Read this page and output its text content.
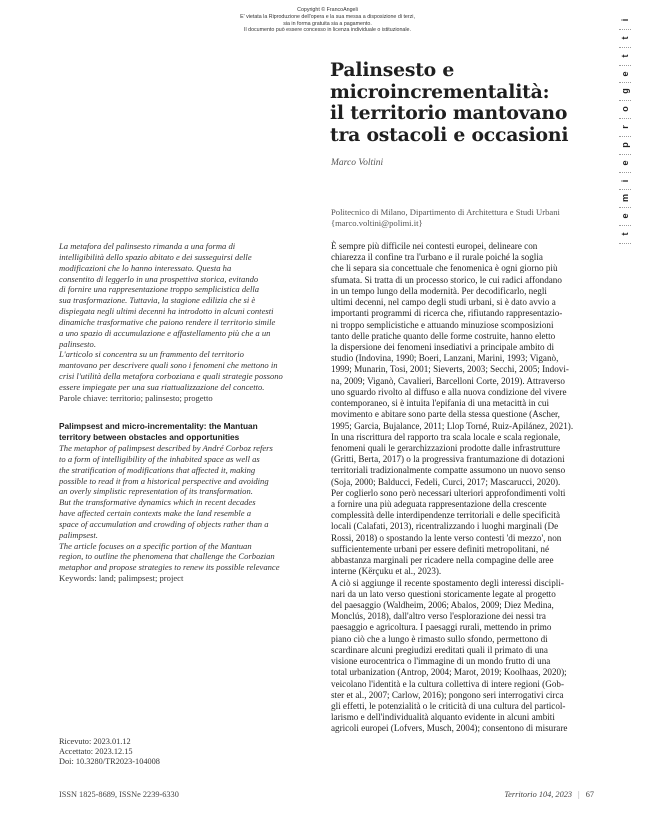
Copyright © FrancoAngeli
E' vietata la Riproduzione dell'opera e la sua messa a disposizione di terzi,
sia in forma gratuita sia a pagamento.
Il documento può essere concesso in licenza individuale o istituzionale.
t
e
m
i
e
p
r
o
g
e
t
t
i
Palinsesto e
microincrementalità:
il territorio mantovano
tra ostacoli e occasioni
Marco Voltini
Politecnico di Milano, Dipartimento di Architettura e Studi Urbani
{marco.voltini@polimi.it}
La metafora del palinsesto rimanda a una forma di
intelligibilità dello spazio abitato e dei susseguirsi delle
modificazioni che lo hanno interessato. Questa ha
consentito di leggerlo in una prospettiva storica, evitando
di fornire una rappresentazione troppo semplicistica della
sua trasformazione. Tuttavia, la stagione edilizia che si è
dispiegata negli ultimi decenni ha introdotto in alcuni contesti
dinamiche trasformative che paiono rendere il territorio simile
a uno spazio di accumulazione e affastellamento più che a un
palinsesto.
L'articolo si concentra su un frammento del territorio
mantovano per descrivere quali sono i fenomeni che mettono in
crisi l'utilità della metafora corboziana e quali strategie possono
essere impiegate per una sua riattualizzazione del concetto.
Parole chiave: territorio; palinsesto; progetto
Palimpsest and micro-incrementality: the Mantuan
territory between obstacles and opportunities
The metaphor of palimpsest described by André Corboz refers
to a form of intelligibility of the inhabited space as well as
the stratification of modifications that affected it, making
possible to read it from a historical perspective and avoiding
an overly simplistic representation of its transformation.
But the transformative dynamics which in recent decades
have affected certain contexts make the land resemble a
space of accumulation and crowding of objects rather than a
palimpsest.
The article focuses on a specific portion of the Mantuan
region, to outline the phenomena that challenge the Corbozian
metaphor and propose strategies to renew its possible relevance
Keywords: land; palimpsest; project
Ricevuto: 2023.01.12
Accettato: 2023.12.15
Doi: 10.3280/TR2023-104008
È sempre più difficile nei contesti europei, delineare con
chiarezza il confine tra l'urbano e il rurale poiché la soglia
che li separa sia concettuale che fenomenica è ogni giorno più
sfumata. Si tratta di un processo storico, le cui radici affondano
in un tempo lungo della modernità. Per decodificarlo, negli
ultimi decenni, nel campo degli studi urbani, si è dato avvio a
importanti programmi di ricerca che, rifiutando rappresentazio-
ni troppo semplicistiche e attuando minuziose scomposizioni
tanto delle pratiche quanto delle forme costruite, hanno eletto
la dispersione dei fenomeni insediativi a principale ambito di
studio (Indovina, 1990; Boeri, Lanzani, Marini, 1993; Viganò,
1999; Munarin, Tosi, 2001; Sieverts, 2003; Secchi, 2005; Indovi-
na, 2009; Viganò, Cavalieri, Barcelloni Corte, 2019). Attraverso
uno sguardo rivolto al diffuso e alla nuova condizione del vivere
contemporaneo, si è intuita l'epifania di una metacittà in cui
movimento e abitare sono parte della stessa questione (Ascher,
1995; Garcia, Bujalance, 2011; Llop Torné, Ruiz-Apilánez, 2021).
In una riscrittura del rapporto tra scala locale e scala regionale,
fenomeni quali le gerarchizzazioni prodotte dalle infrastrutture
(Gritti, Berta, 2017) o la progressiva frantumazione di dotazioni
territoriali tradizionalmente compatte assumono un nuovo senso
(Soja, 2000; Balducci, Fedeli, Curci, 2017; Mascarucci, 2020).
Per coglierlo sono però necessari ulteriori approfondimenti volti
a fornire una più adeguata rappresentazione della crescente
complessità delle interdipendenze territoriali e delle specificità
locali (Calafati, 2013), ricentralizzando i luoghi marginali (De
Rossi, 2018) o spostando la lente verso contesti 'di mezzo', non
sufficientemente urbani per essere definiti metropolitani, né
abbastanza marginali per ricadere nella compagine delle aree
interne (Kërçuku et al., 2023).
A ciò si aggiunge il recente spostamento degli interessi discipli-
nari da un lato verso questioni storicamente legate al progetto
del paesaggio (Waldheim, 2006; Abalos, 2009; Diez Medina,
Monclús, 2018), dall'altro verso l'esplorazione dei nessi tra
paesaggio e agricoltura. I paesaggi rurali, mettendo in primo
piano ciò che a lungo è rimasto sullo sfondo, permettono di
scardinare alcuni pregiudizi ereditati quali il primato di una
visione eurocentrica o l'immagine di un mondo frutto di una
total urbanization (Antrop, 2004; Marot, 2019; Koolhaas, 2020);
veicolano l'identità e la cultura collettiva di intere regioni (Gob-
ster et al., 2007; Carlow, 2016); pongono seri interrogativi circa
gli effetti, le potenzialità o le criticità di una cultura del particol-
larismo e dell'individualità alquanto evidente in alcuni ambiti
agricoli europei (Lofvers, Musch, 2004); consentono di misurare
ISSN 1825-8689, ISSNe 2239-6330	Territorio 104, 2023 | 67
